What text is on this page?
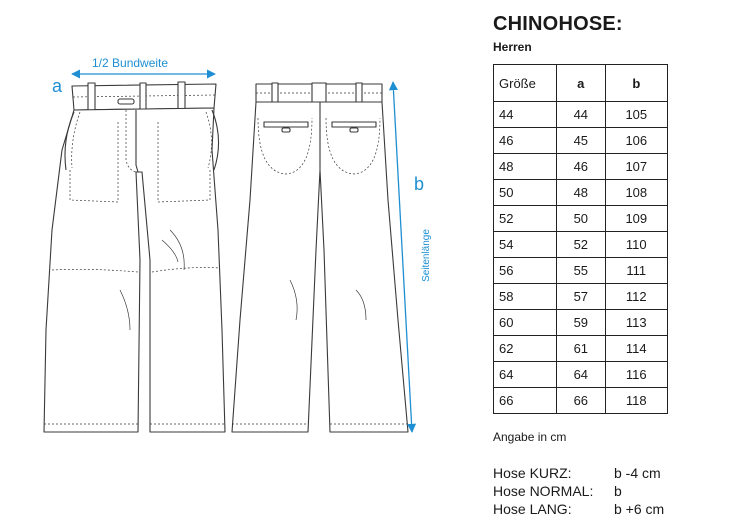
1/2 Bundweite
a
b
Seitenlänge
CHINOHOSE:
Herren
Größe	a	b
44	44	105
46	45	106
48	46	107
50	48	108
52	50	109
54	52	110
56	55	111
58	57	112
60	59	113
62	61	114
64	64	116
66	66	118
Angabe in cm
Hose KURZ:	b -4 cm
Hose NORMAL:	b
Hose LANG:	b +6 cm
